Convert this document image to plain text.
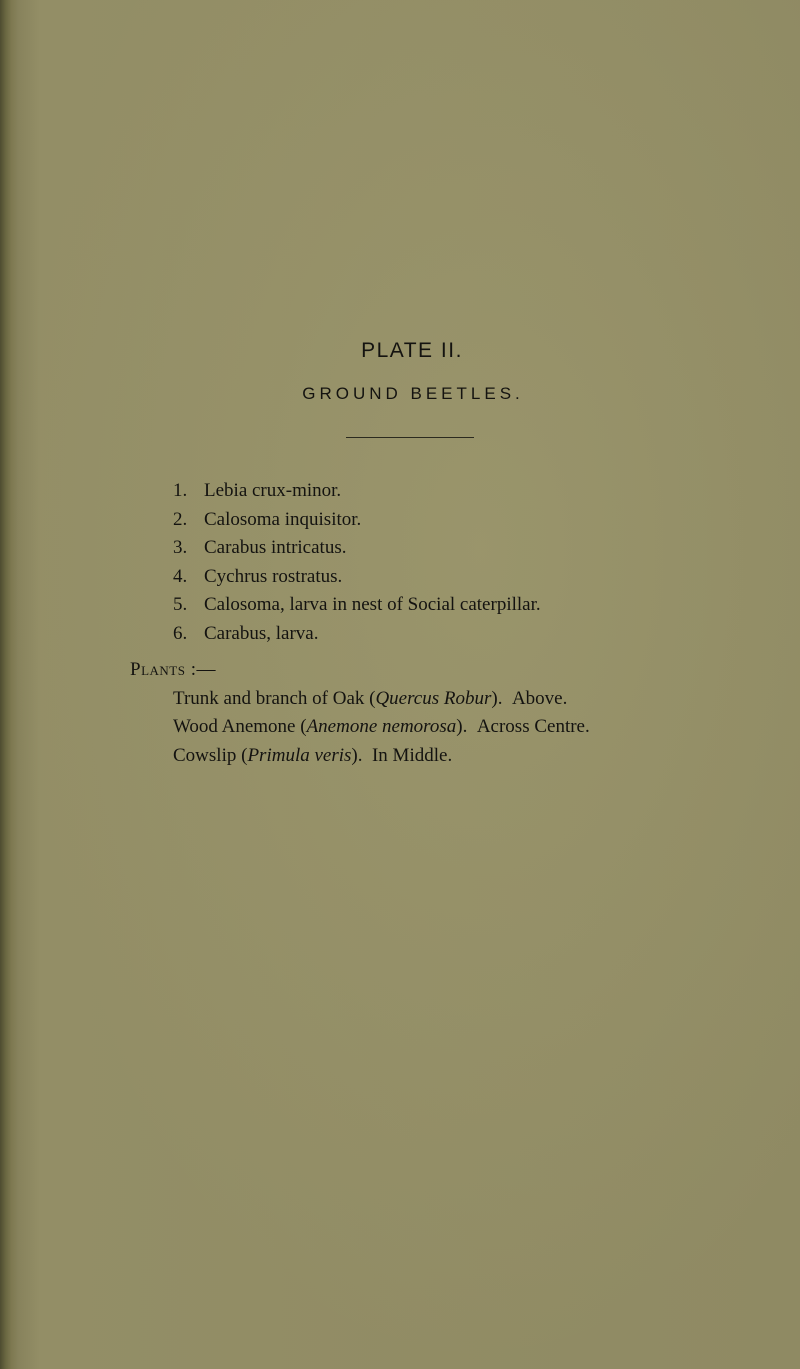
PLATE II.
GROUND BEETLES.
1. Lebia crux-minor.
2. Calosoma inquisitor.
3. Carabus intricatus.
4. Cychrus rostratus.
5. Calosoma, larva in nest of Social caterpillar.
6. Carabus, larva.
Plants :—
Trunk and branch of Oak (Quercus Robur).  Above.
Wood Anemone (Anemone nemorosa).  Across Centre.
Cowslip (Primula veris).  In Middle.
